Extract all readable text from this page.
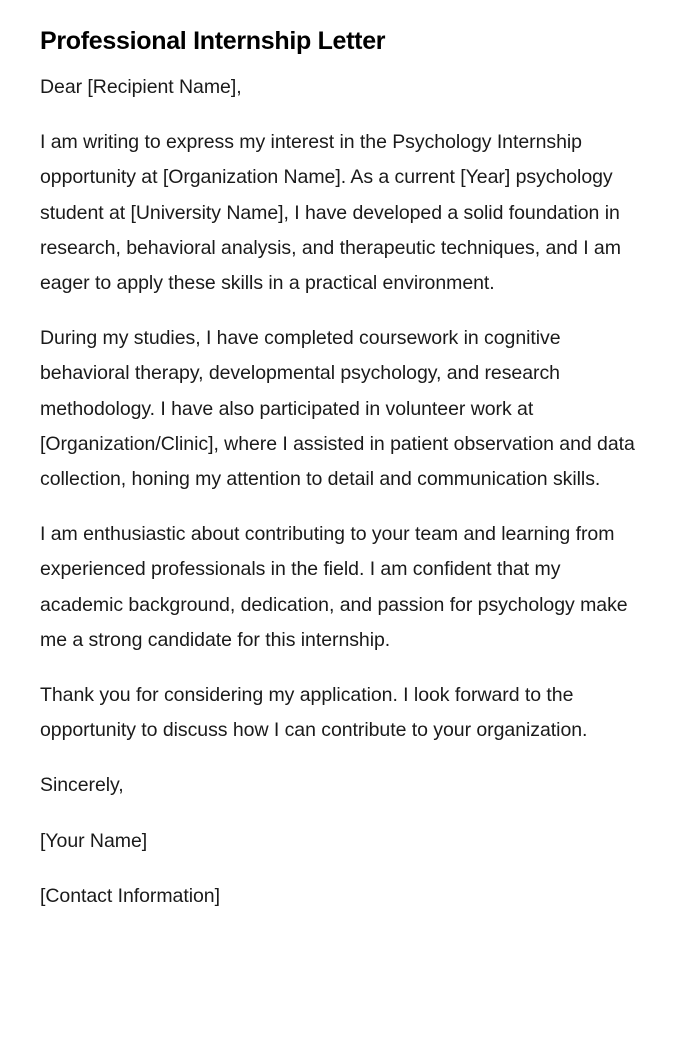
Professional Internship Letter

Dear [Recipient Name],

I am writing to express my interest in the Psychology Internship opportunity at [Organization Name]. As a current [Year] psychology student at [University Name], I have developed a solid foundation in research, behavioral analysis, and therapeutic techniques, and I am eager to apply these skills in a practical environment.

During my studies, I have completed coursework in cognitive behavioral therapy, developmental psychology, and research methodology. I have also participated in volunteer work at [Organization/Clinic], where I assisted in patient observation and data collection, honing my attention to detail and communication skills.

I am enthusiastic about contributing to your team and learning from experienced professionals in the field. I am confident that my academic background, dedication, and passion for psychology make me a strong candidate for this internship.

Thank you for considering my application. I look forward to the opportunity to discuss how I can contribute to your organization.

Sincerely,

[Your Name]

[Contact Information]
